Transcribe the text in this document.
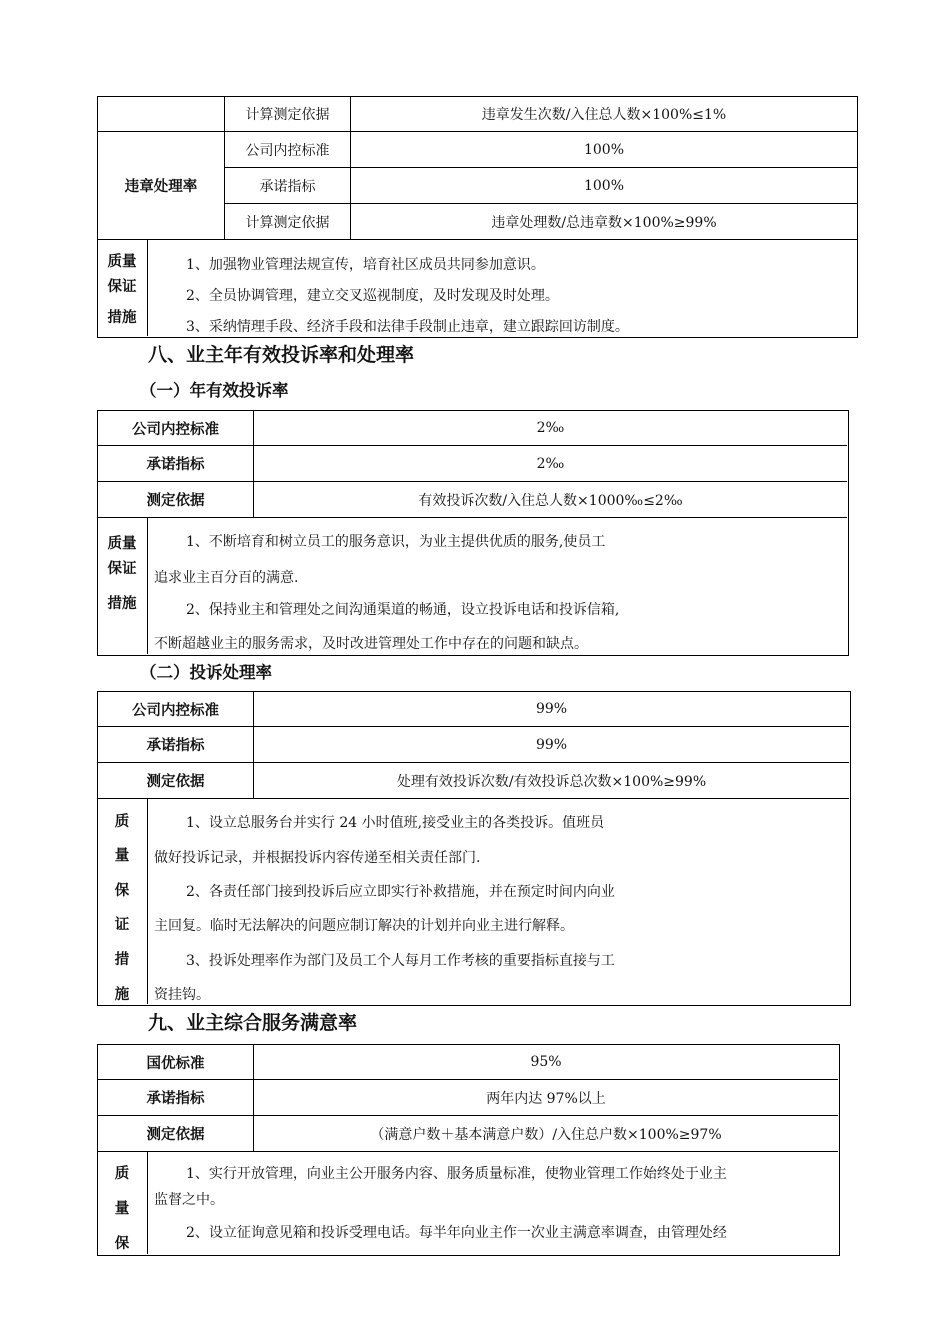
违章处理率
计算测定依据
公司内控标准
承诺指标
计算测定依据
违章发生次数/入住总人数×100%≤1%
100%
100%
违章处理数/总违章数×100%≥99%
质量
保证
措施
1、加强物业管理法规宣传，培育社区成员共同参加意识。
2、全员协调管理，建立交叉巡视制度，及时发现及时处理。
3、采纳情理手段、经济手段和法律手段制止违章，建立跟踪回访制度。
八、业主年有效投诉率和处理率
（一）年有效投诉率
公司内控标准
承诺指标
测定依据
2‰
2‰
有效投诉次数/入住总人数×1000‰≤2‰
质量
保证
措施
1、不断培育和树立员工的服务意识，为业主提供优质的服务,使员工
追求业主百分百的满意.
2、保持业主和管理处之间沟通渠道的畅通，设立投诉电话和投诉信箱,
不断超越业主的服务需求，及时改进管理处工作中存在的问题和缺点。
（二）投诉处理率
公司内控标准
承诺指标
测定依据
99%
99%
处理有效投诉次数/有效投诉总次数×100%≥99%
质
量
保
证
措
施
1、设立总服务台并实行 24 小时值班,接受业主的各类投诉。值班员
做好投诉记录，并根据投诉内容传递至相关责任部门.
2、各责任部门接到投诉后应立即实行补救措施，并在预定时间内向业
主回复。临时无法解决的问题应制订解决的计划并向业主进行解释。
3、投诉处理率作为部门及员工个人每月工作考核的重要指标直接与工
资挂钩。
九、业主综合服务满意率
国优标准
承诺指标
测定依据
95%
两年内达 97%以上
（满意户数＋基本满意户数）/入住总户数×100%≥97%
质
量
保
1、实行开放管理，向业主公开服务内容、服务质量标准，使物业管理工作始终处于业主
监督之中。
2、设立征询意见箱和投诉受理电话。每半年向业主作一次业主满意率调查，由管理处经
